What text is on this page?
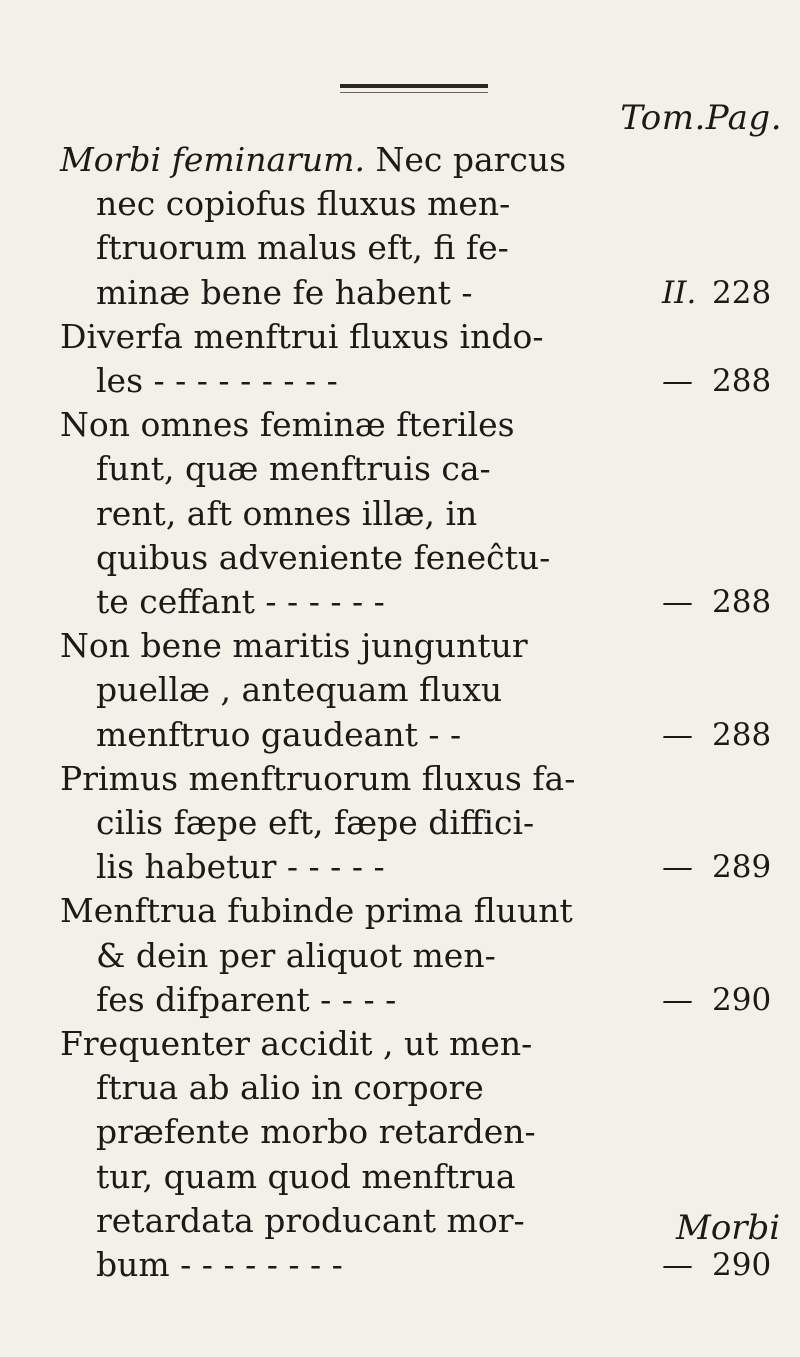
Tom.Pag.
Morbi feminarum. Nec parcus
nec copiofus fluxus men-
ftruorum malus eft, fi fe-
minæ bene fe habent -	II. 228
Diverfa menftrui fluxus indo-
les - - - - - - - - -	— 288
Non omnes feminæ fteriles
funt, quæ menftruis ca-
rent, aft omnes illæ, in
quibus adveniente feneĉtu-
te ceffant - - - - - -	— 288
Non bene maritis junguntur
puellæ , antequam fluxu
menftruo gaudeant - -	— 288
Primus menftruorum fluxus fa-
cilis fæpe eft, fæpe diffici-
lis habetur - - - - -	— 289
Menftrua fubinde prima fluunt
& dein per aliquot men-
fes difparent - - - -	— 290
Frequenter accidit , ut men-
ftrua ab alio in corpore
præfente morbo retarden-
tur, quam quod menftrua
retardata producant mor-
bum - - - - - - - -	— 290
Morbi
